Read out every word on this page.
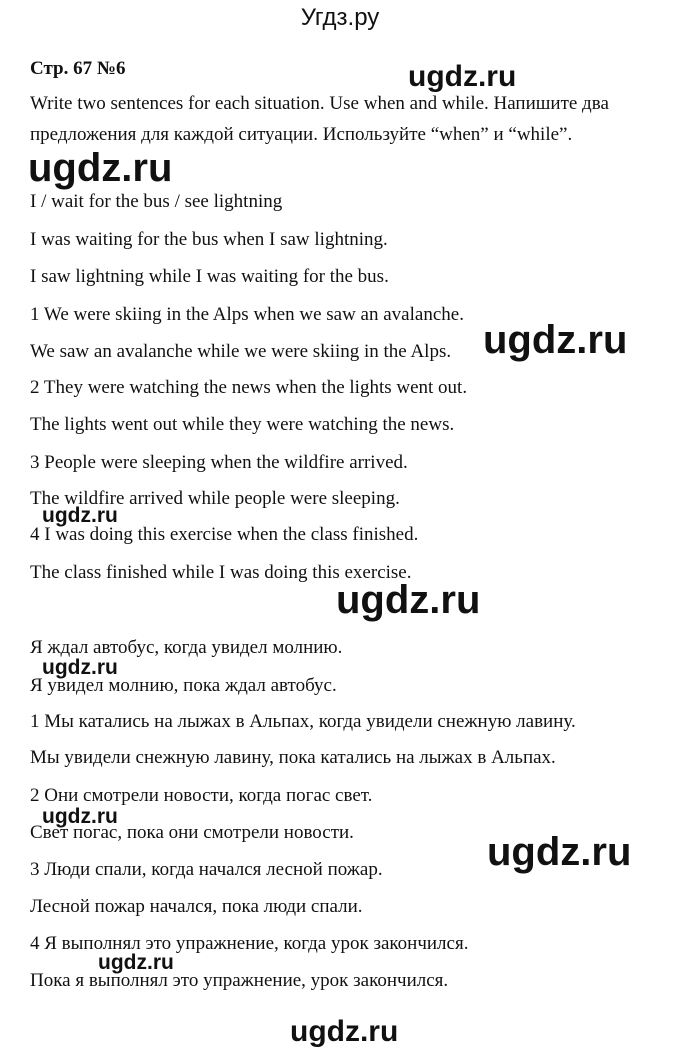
Угдз.ру
Стр. 67 №6
Write two sentences for each situation. Use when and while. Напишите два
предложения для каждой ситуации. Используйте “when” и “while”.
I / wait for the bus / see lightning
I was waiting for the bus when I saw lightning.
I saw lightning while I was waiting for the bus.
1 We were skiing in the Alps when we saw an avalanche.
We saw an avalanche while we were skiing in the Alps.
2 They were watching the news when the lights went out.
The lights went out while they were watching the news.
3 People were sleeping when the wildfire arrived.
The wildfire arrived while people were sleeping.
4 I was doing this exercise when the class finished.
The class finished while I was doing this exercise.
Я ждал автобус, когда увидел молнию.
Я увидел молнию, пока ждал автобус.
1 Мы катались на лыжах в Альпах, когда увидели снежную лавину.
Мы увидели снежную лавину, пока катались на лыжах в Альпах.
2 Они смотрели новости, когда погас свет.
Свет погас, пока они смотрели новости.
3 Люди спали, когда начался лесной пожар.
Лесной пожар начался, пока люди спали.
4 Я выполнял это упражнение, когда урок закончился.
Пока я выполнял это упражнение, урок закончился.
ugdz.ru
ugdz.ru
ugdz.ru
ugdz.ru
ugdz.ru
ugdz.ru
ugdz.ru
ugdz.ru
ugdz.ru
ugdz.ru
